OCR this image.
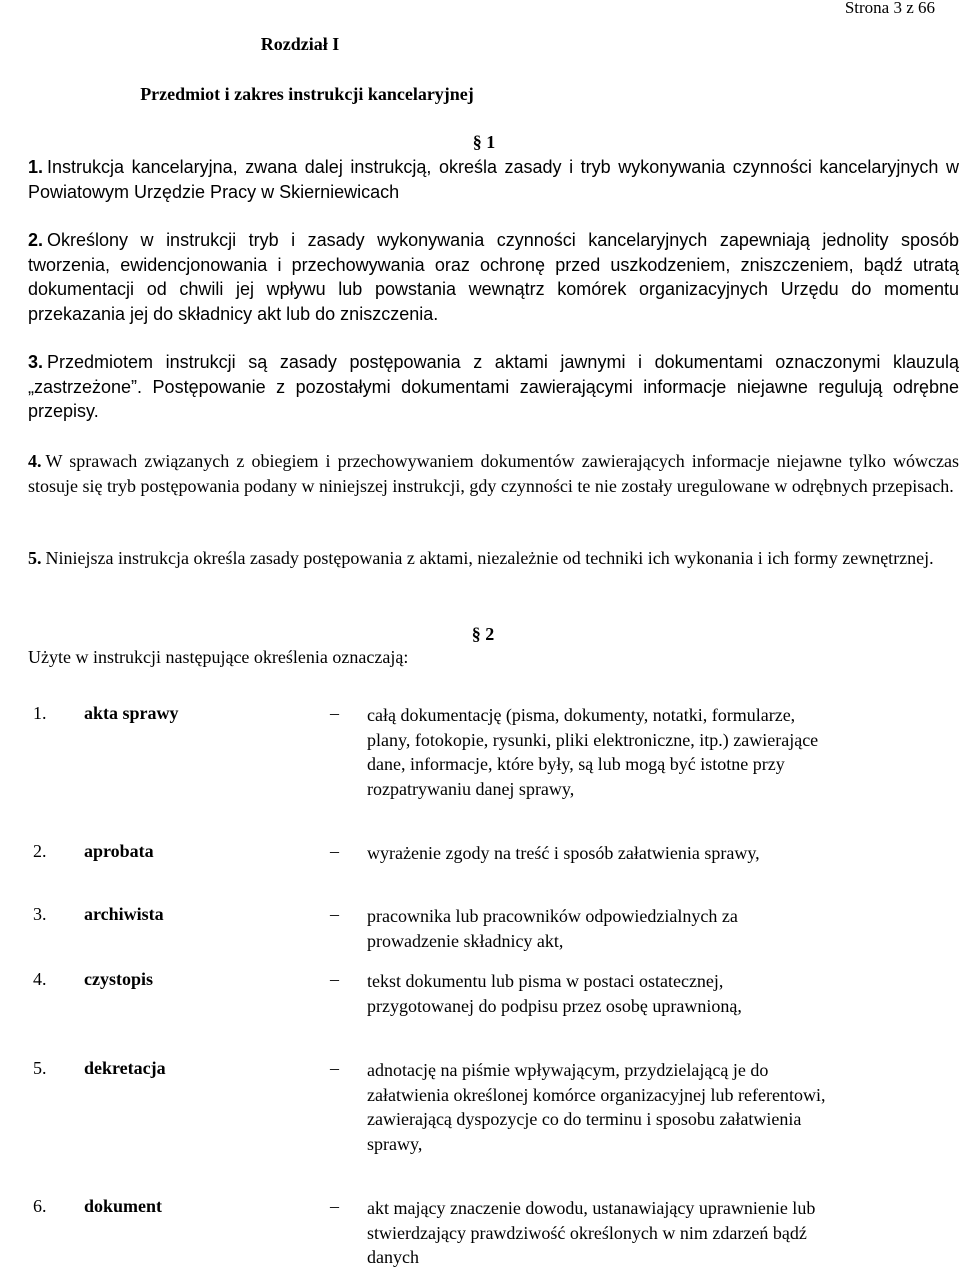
Strona 3 z 66
Rozdział I
Przedmiot i zakres instrukcji kancelaryjnej
§ 1
1. Instrukcja kancelaryjna, zwana dalej instrukcją, określa zasady i tryb wykonywania czynności kancelaryjnych w Powiatowym Urzędzie Pracy w Skierniewicach
2. Określony w instrukcji tryb i zasady wykonywania czynności kancelaryjnych zapewniają jednolity sposób tworzenia, ewidencjonowania i przechowywania oraz ochronę przed uszkodzeniem, zniszczeniem, bądź utratą dokumentacji od chwili jej wpływu lub powstania wewnątrz komórek organizacyjnych Urzędu do momentu przekazania jej do składnicy akt lub do zniszczenia.
3. Przedmiotem instrukcji są zasady postępowania z aktami jawnymi i dokumentami oznaczonymi klauzulą „zastrzeżone”. Postępowanie z pozostałymi dokumentami zawierającymi informacje niejawne regulują odrębne przepisy.
4. W sprawach związanych z obiegiem i przechowywaniem dokumentów zawierających informacje niejawne tylko wówczas stosuje się tryb postępowania podany w niniejszej instrukcji, gdy czynności te nie zostały uregulowane w odrębnych przepisach.
5. Niniejsza instrukcja określa zasady postępowania z aktami, niezależnie od techniki ich wykonania i ich formy zewnętrznej.
§ 2
Użyte w instrukcji następujące określenia oznaczają:
1. akta sprawy	– całą dokumentację (pisma, dokumenty, notatki, formularze, plany, fotokopie, rysunki, pliki elektroniczne, itp.) zawierające dane, informacje, które były, są lub mogą być istotne przy rozpatrywaniu danej sprawy,
2. aprobata	– wyrażenie zgody na treść i sposób załatwienia sprawy,
3. archiwista	– pracownika lub pracowników odpowiedzialnych za prowadzenie składnicy akt,
4. czystopis	– tekst dokumentu lub pisma w postaci ostatecznej, przygotowanej do podpisu przez osobę uprawnioną,
5. dekretacja	– adnotację na piśmie wpływającym, przydzielającą je do załatwienia określonej komórce organizacyjnej lub referentowi, zawierającą dyspozycje co do terminu i sposobu załatwienia sprawy,
6. dokument	– akt mający znaczenie dowodu, ustanawiający uprawnienie lub stwierdzający prawdziwość określonych w nim zdarzeń bądź danych
